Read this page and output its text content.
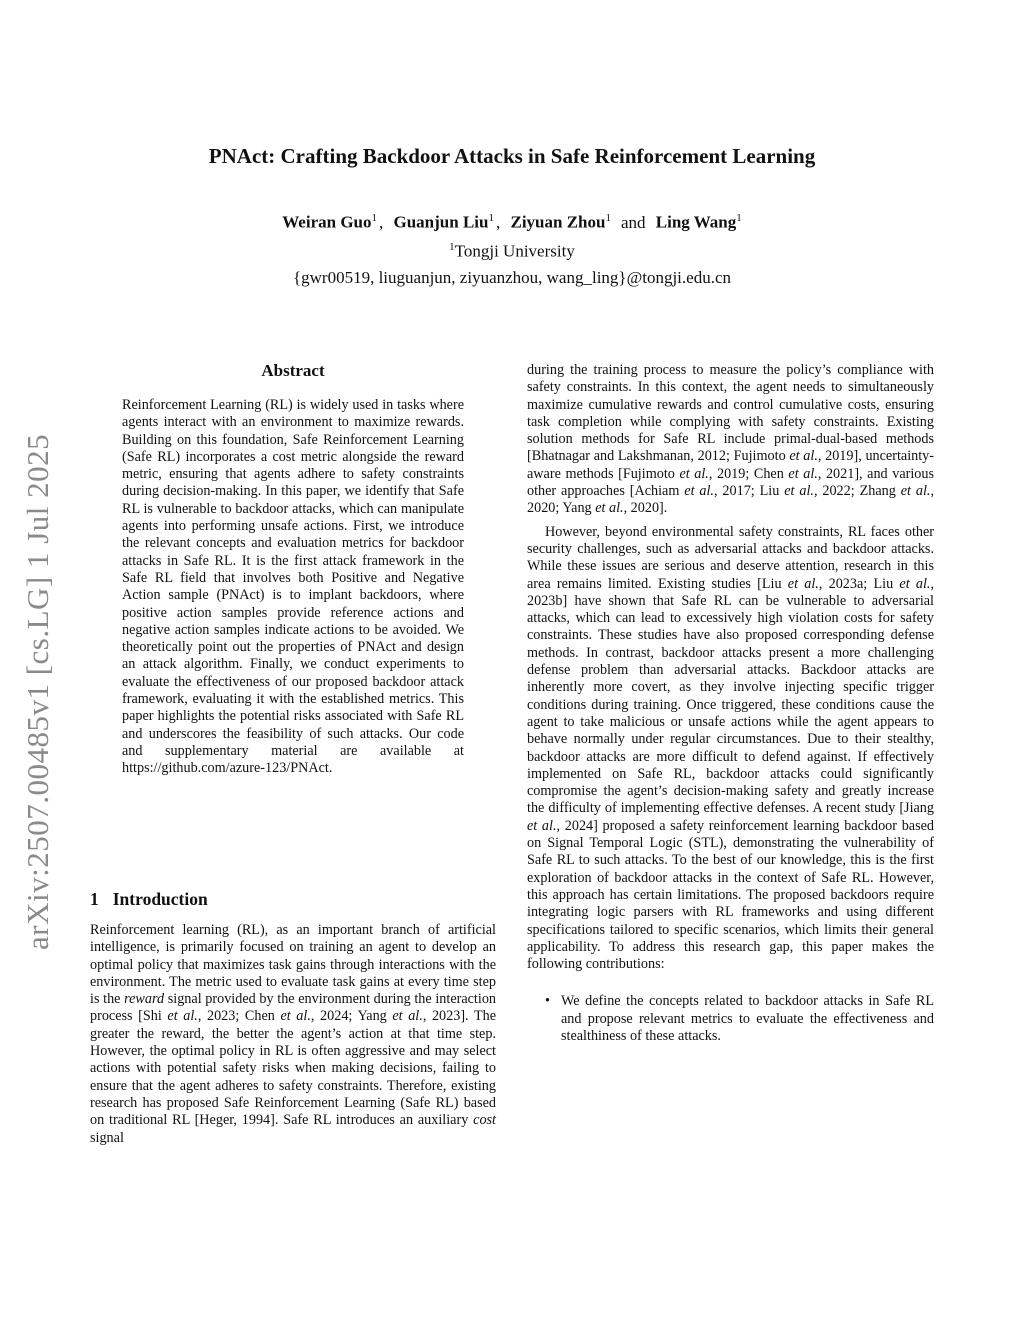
arXiv:2507.00485v1 [cs.LG] 1 Jul 2025
PNAct: Crafting Backdoor Attacks in Safe Reinforcement Learning
Weiran Guo$^1$ , Guanjun Liu$^1$ , Ziyuan Zhou$^1$ and Ling Wang$^1$
$^1$Tongji University
{gwr00519, liuguanjun, ziyuanzhou, wang_ling}@tongji.edu.cn
Abstract
Reinforcement Learning (RL) is widely used in tasks where agents interact with an environment to maximize rewards. Building on this foundation, Safe Reinforcement Learning (Safe RL) incorporates a cost metric alongside the reward metric, ensuring that agents adhere to safety constraints during decision-making. In this paper, we identify that Safe RL is vulnerable to backdoor attacks, which can manipulate agents into performing unsafe actions. First, we introduce the relevant concepts and evaluation metrics for backdoor attacks in Safe RL. It is the first attack framework in the Safe RL field that involves both Positive and Negative Action sample (PNAct) is to implant backdoors, where positive action samples provide reference actions and negative action samples indicate actions to be avoided. We theoretically point out the properties of PNAct and design an attack algorithm. Finally, we conduct experiments to evaluate the effectiveness of our proposed backdoor attack framework, evaluating it with the established metrics. This paper highlights the potential risks associated with Safe RL and underscores the feasibility of such attacks. Our code and supplementary material are available at https://github.com/azure-123/PNAct.
1 Introduction
Reinforcement learning (RL), as an important branch of artificial intelligence, is primarily focused on training an agent to develop an optimal policy that maximizes task gains through interactions with the environment. The metric used to evaluate task gains at every time step is the reward signal provided by the environment during the interaction process [Shi et al., 2023; Chen et al., 2024; Yang et al., 2023]. The greater the reward, the better the agent’s action at that time step. However, the optimal policy in RL is often aggressive and may select actions with potential safety risks when making decisions, failing to ensure that the agent adheres to safety constraints. Therefore, existing research has proposed Safe Reinforcement Learning (Safe RL) based on traditional RL [Heger, 1994]. Safe RL introduces an auxiliary cost signal

during the training process to measure the policy’s compliance with safety constraints. In this context, the agent needs to simultaneously maximize cumulative rewards and control cumulative costs, ensuring task completion while complying with safety constraints. Existing solution methods for Safe RL include primal-dual-based methods [Bhatnagar and Lakshmanan, 2012; Fujimoto et al., 2019], uncertainty-aware methods [Fujimoto et al., 2019; Chen et al., 2021], and various other approaches [Achiam et al., 2017; Liu et al., 2022; Zhang et al., 2020; Yang et al., 2020].

However, beyond environmental safety constraints, RL faces other security challenges, such as adversarial attacks and backdoor attacks. While these issues are serious and deserve attention, research in this area remains limited. Existing studies [Liu et al., 2023a; Liu et al., 2023b] have shown that Safe RL can be vulnerable to adversarial attacks, which can lead to excessively high violation costs for safety constraints. These studies have also proposed corresponding defense methods. In contrast, backdoor attacks present a more challenging defense problem than adversarial attacks. Backdoor attacks are inherently more covert, as they involve injecting specific trigger conditions during training. Once triggered, these conditions cause the agent to take malicious or unsafe actions while the agent appears to behave normally under regular circumstances. Due to their stealthy, backdoor attacks are more difficult to defend against. If effectively implemented on Safe RL, backdoor attacks could significantly compromise the agent’s decision-making safety and greatly increase the difficulty of implementing effective defenses. A recent study [Jiang et al., 2024] proposed a safety reinforcement learning backdoor based on Signal Temporal Logic (STL), demonstrating the vulnerability of Safe RL to such attacks. To the best of our knowledge, this is the first exploration of backdoor attacks in the context of Safe RL. However, this approach has certain limitations. The proposed backdoors require integrating logic parsers with RL frameworks and using different specifications tailored to specific scenarios, which limits their general applicability. To address this research gap, this paper makes the following contributions:

• We define the concepts related to backdoor attacks in Safe RL and propose relevant metrics to evaluate the effectiveness and stealthiness of these attacks.
